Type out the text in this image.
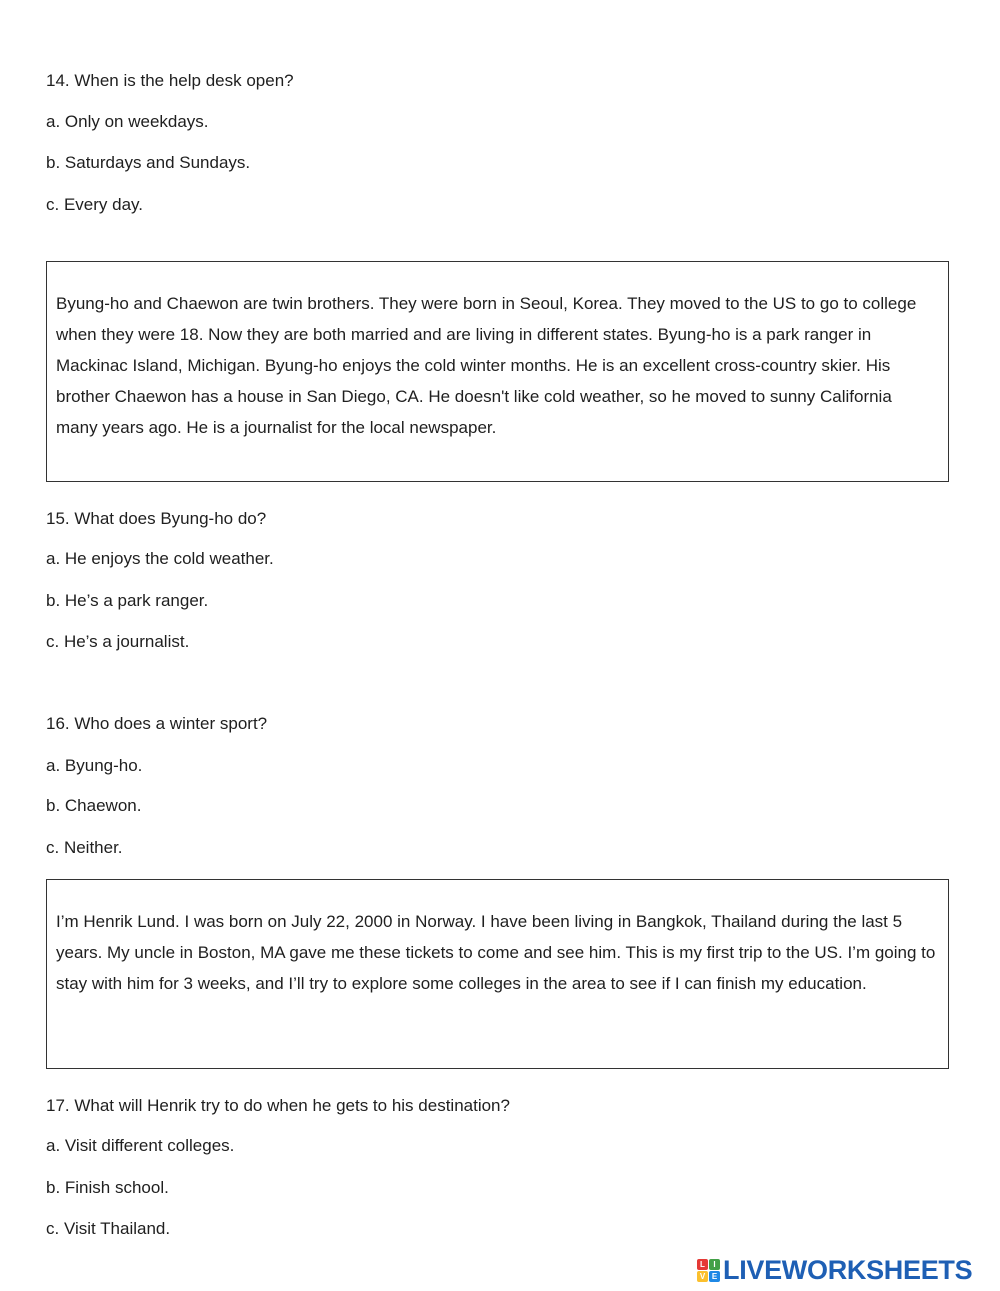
14. When is the help desk open?
a. Only on weekdays.
b. Saturdays and Sundays.
c. Every day.

Byung-ho and Chaewon are twin brothers. They were born in Seoul, Korea. They moved to the US to go to college when they were 18. Now they are both married and are living in different states. Byung-ho is a park ranger in Mackinac Island, Michigan. Byung-ho enjoys the cold winter months. He is an excellent cross-country skier. His brother Chaewon has a house in San Diego, CA. He doesn't like cold weather, so he moved to sunny California many years ago. He is a journalist for the local newspaper.

15. What does Byung-ho do?
a. He enjoys the cold weather.
b. He’s a park ranger.
c. He’s a journalist.
16. Who does a winter sport?
a. Byung-ho.
b. Chaewon.
c. Neither.

I’m Henrik Lund. I was born on July 22, 2000 in Norway. I have been living in Bangkok, Thailand during the last 5 years. My uncle in Boston, MA gave me these tickets to come and see him. This is my first trip to the US. I’m going to stay with him for 3 weeks, and I’ll try to explore some colleges in the area to see if I can finish my education.

17. What will Henrik try to do when he gets to his destination?
a. Visit different colleges.
b. Finish school.
c. Visit Thailand.
L	I
V E LIVEWORKSHEETS
